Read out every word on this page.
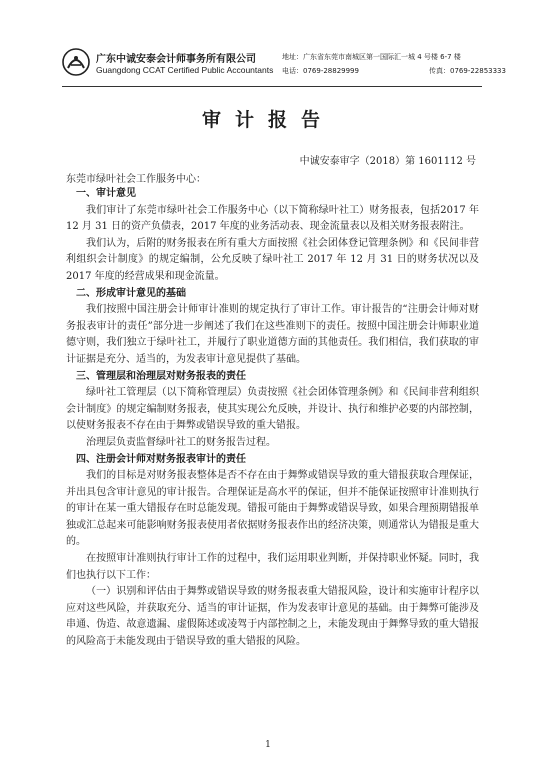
广东中诚安泰会计师事务所有限公司
Guangdong CCAT Certified Public Accountants
地址：广东省东莞市南城区第一国际汇一城 4 号楼 6-7 楼
电话：0769-28829999	传真：0769-22853333
审计报告
中诚安泰审字（2018）第 1601112 号
东莞市绿叶社会工作服务中心：
一、审计意见

我们审计了东莞市绿叶社会工作服务中心（以下简称绿叶社工）财务报表，包括2017 年 12 月 31 日的资产负债表，2017 年度的业务活动表、现金流量表以及相关财务报表附注。

我们认为，后附的财务报表在所有重大方面按照《社会团体登记管理条例》和《民间非营利组织会计制度》的规定编制，公允反映了绿叶社工 2017 年 12 月 31 日的财务状况以及 2017 年度的经营成果和现金流量。

二、形成审计意见的基础

我们按照中国注册会计师审计准则的规定执行了审计工作。审计报告的“注册会计师对财务报表审计的责任”部分进一步阐述了我们在这些准则下的责任。按照中国注册会计师职业道德守则，我们独立于绿叶社工，并履行了职业道德方面的其他责任。我们相信，我们获取的审计证据是充分、适当的，为发表审计意见提供了基础。

三、管理层和治理层对财务报表的责任

绿叶社工管理层（以下简称管理层）负责按照《社会团体管理条例》和《民间非营利组织会计制度》的规定编制财务报表，使其实现公允反映，并设计、执行和维护必要的内部控制，以使财务报表不存在由于舞弊或错误导致的重大错报。

治理层负责监督绿叶社工的财务报告过程。

四、注册会计师对财务报表审计的责任

我们的目标是对财务报表整体是否不存在由于舞弊或错误导致的重大错报获取合理保证，并出具包含审计意见的审计报告。合理保证是高水平的保证，但并不能保证按照审计准则执行的审计在某一重大错报存在时总能发现。错报可能由于舞弊或错误导致，如果合理预期错报单独或汇总起来可能影响财务报表使用者依据财务报表作出的经济决策，则通常认为错报是重大的。

在按照审计准则执行审计工作的过程中，我们运用职业判断，并保持职业怀疑。同时，我们也执行以下工作：

（一）识别和评估由于舞弊或错误导致的财务报表重大错报风险，设计和实施审计程序以应对这些风险，并获取充分、适当的审计证据，作为发表审计意见的基础。由于舞弊可能涉及串通、伪造、故意遗漏、虚假陈述或凌驾于内部控制之上，未能发现由于舞弊导致的重大错报的风险高于未能发现由于错误导致的重大错报的风险。

1
